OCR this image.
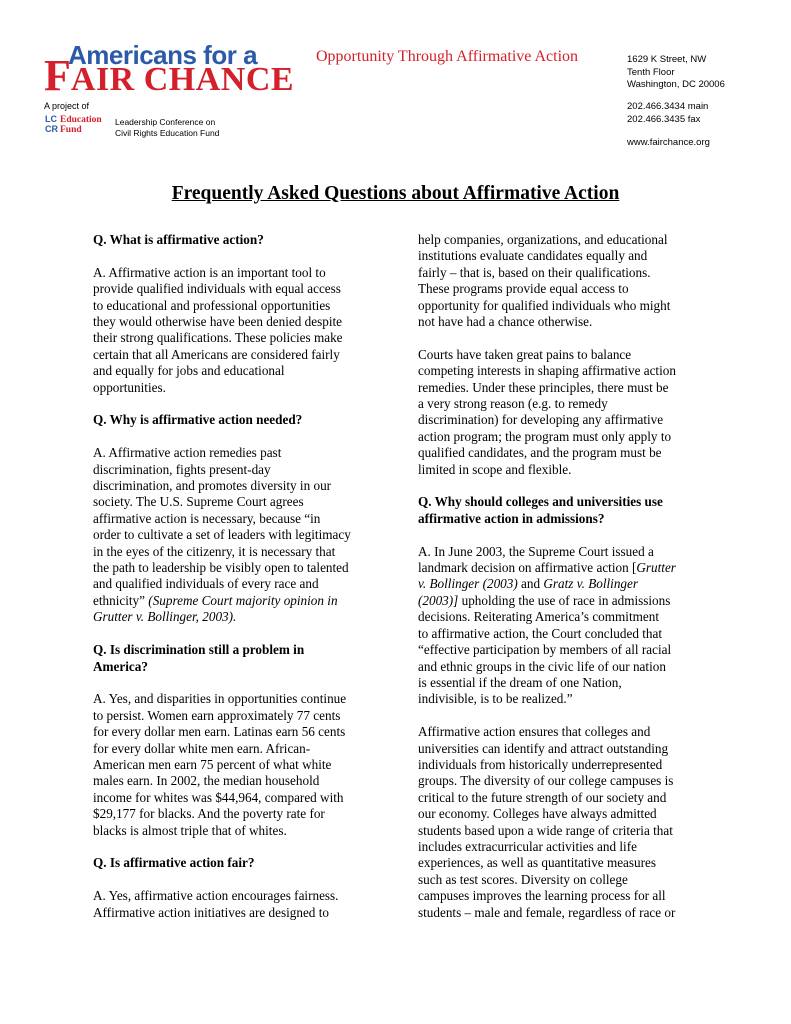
Americans for a
FAIR CHANCE
Opportunity Through Affirmative Action
A project of
LC
CR
Education
Fund
Leadership Conference on
Civil Rights Education Fund
1629 K Street, NW
Tenth Floor
Washington, DC 20006
202.466.3434 main
202.466.3435 fax
www.fairchance.org
Frequently Asked Questions about Affirmative Action

Q. What is affirmative action?

A. Affirmative action is an important tool to
provide qualified individuals with equal access
to educational and professional opportunities
they would otherwise have been denied despite
their strong qualifications. These policies make
certain that all Americans are considered fairly
and equally for jobs and educational
opportunities.

Q. Why is affirmative action needed?

A. Affirmative action remedies past
discrimination, fights present-day
discrimination, and promotes diversity in our
society. The U.S. Supreme Court agrees
affirmative action is necessary, because “in
order to cultivate a set of leaders with legitimacy
in the eyes of the citizenry, it is necessary that
the path to leadership be visibly open to talented
and qualified individuals of every race and
ethnicity” (Supreme Court majority opinion in
Grutter v. Bollinger, 2003).

Q. Is discrimination still a problem in
America?

A. Yes, and disparities in opportunities continue
to persist. Women earn approximately 77 cents
for every dollar men earn. Latinas earn 56 cents
for every dollar white men earn. African-
American men earn 75 percent of what white
males earn. In 2002, the median household
income for whites was $44,964, compared with
$29,177 for blacks. And the poverty rate for
blacks is almost triple that of whites.

Q. Is affirmative action fair?

A. Yes, affirmative action encourages fairness.
Affirmative action initiatives are designed to

help companies, organizations, and educational
institutions evaluate candidates equally and
fairly – that is, based on their qualifications.
These programs provide equal access to
opportunity for qualified individuals who might
not have had a chance otherwise.

Courts have taken great pains to balance
competing interests in shaping affirmative action
remedies. Under these principles, there must be
a very strong reason (e.g. to remedy
discrimination) for developing any affirmative
action program; the program must only apply to
qualified candidates, and the program must be
limited in scope and flexible.

Q. Why should colleges and universities use
affirmative action in admissions?

A. In June 2003, the Supreme Court issued a
landmark decision on affirmative action [Grutter
v. Bollinger (2003) and Gratz v. Bollinger
(2003)] upholding the use of race in admissions
decisions. Reiterating America’s commitment
to affirmative action, the Court concluded that
“effective participation by members of all racial
and ethnic groups in the civic life of our nation
is essential if the dream of one Nation,
indivisible, is to be realized.”

Affirmative action ensures that colleges and
universities can identify and attract outstanding
individuals from historically underrepresented
groups. The diversity of our college campuses is
critical to the future strength of our society and
our economy. Colleges have always admitted
students based upon a wide range of criteria that
includes extracurricular activities and life
experiences, as well as quantitative measures
such as test scores. Diversity on college
campuses improves the learning process for all
students – male and female, regardless of race or
